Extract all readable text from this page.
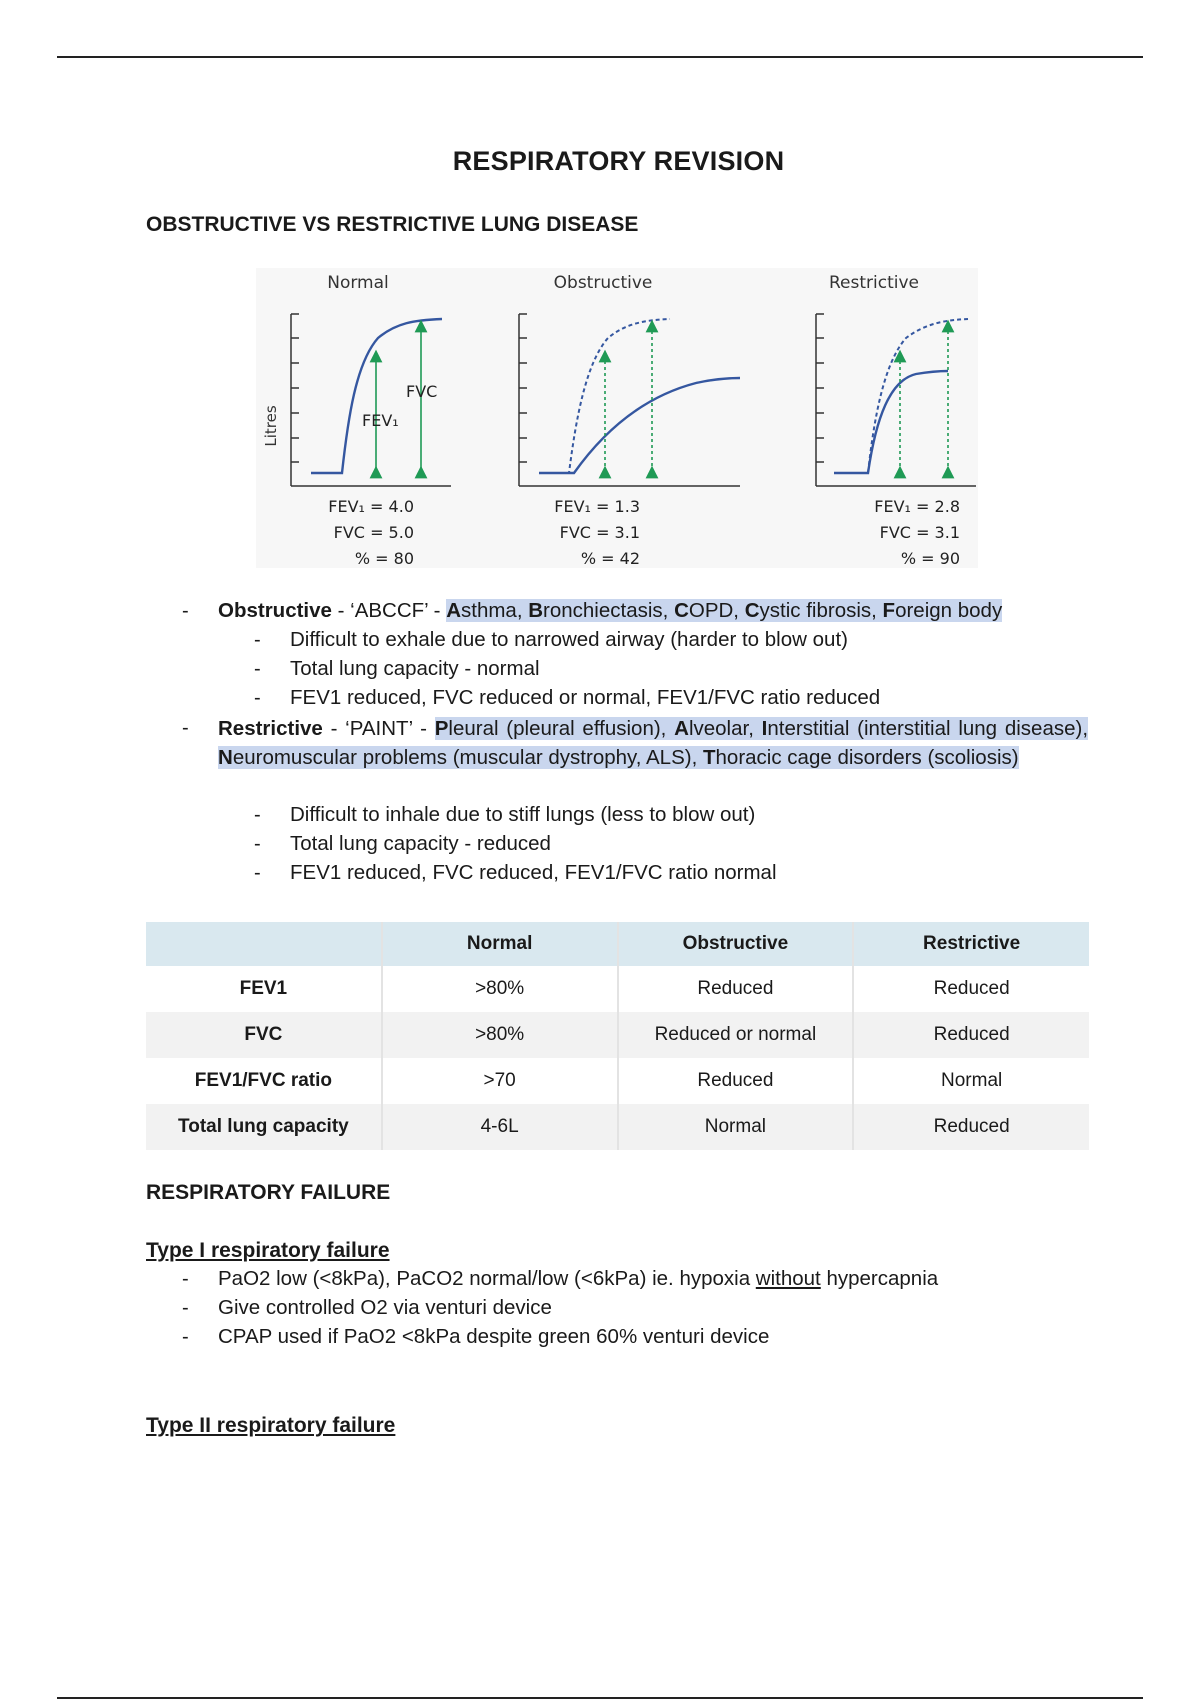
RESPIRATORY REVISION
OBSTRUCTIVE VS RESTRICTIVE LUNG DISEASE
Litres
Normal
FVC
FEV₁
FEV₁ = 4.0
FVC = 5.0
% = 80
Obstructive
FEV₁ = 1.3
FVC = 3.1
% = 42
Restrictive
FEV₁ = 2.8
FVC = 3.1
% = 90
- Obstructive - ‘ABCCF’ - Asthma, Bronchiectasis, COPD, Cystic fibrosis, Foreign body
- Difficult to exhale due to narrowed airway (harder to blow out)
- Total lung capacity - normal
- FEV1 reduced, FVC reduced or normal, FEV1/FVC ratio reduced
- Restrictive - ‘PAINT’ - Pleural (pleural effusion), Alveolar, Interstitial (interstitial lung disease), Neuromuscular problems (muscular dystrophy, ALS), Thoracic cage disorders (scoliosis)
- Difficult to inhale due to stiff lungs (less to blow out)
- Total lung capacity - reduced
- FEV1 reduced, FVC reduced, FEV1/FVC ratio normal
	Normal	Obstructive	Restrictive
FEV1	>80%	Reduced	Reduced
FVC	>80%	Reduced or normal	Reduced
FEV1/FVC ratio	>70	Reduced	Normal
Total lung capacity	4-6L	Normal	Reduced
RESPIRATORY FAILURE
Type I respiratory failure
- PaO2 low (<8kPa), PaCO2 normal/low (<6kPa) ie. hypoxia without hypercapnia
- Give controlled O2 via venturi device
- CPAP used if PaO2 <8kPa despite green 60% venturi device
Type II respiratory failure
